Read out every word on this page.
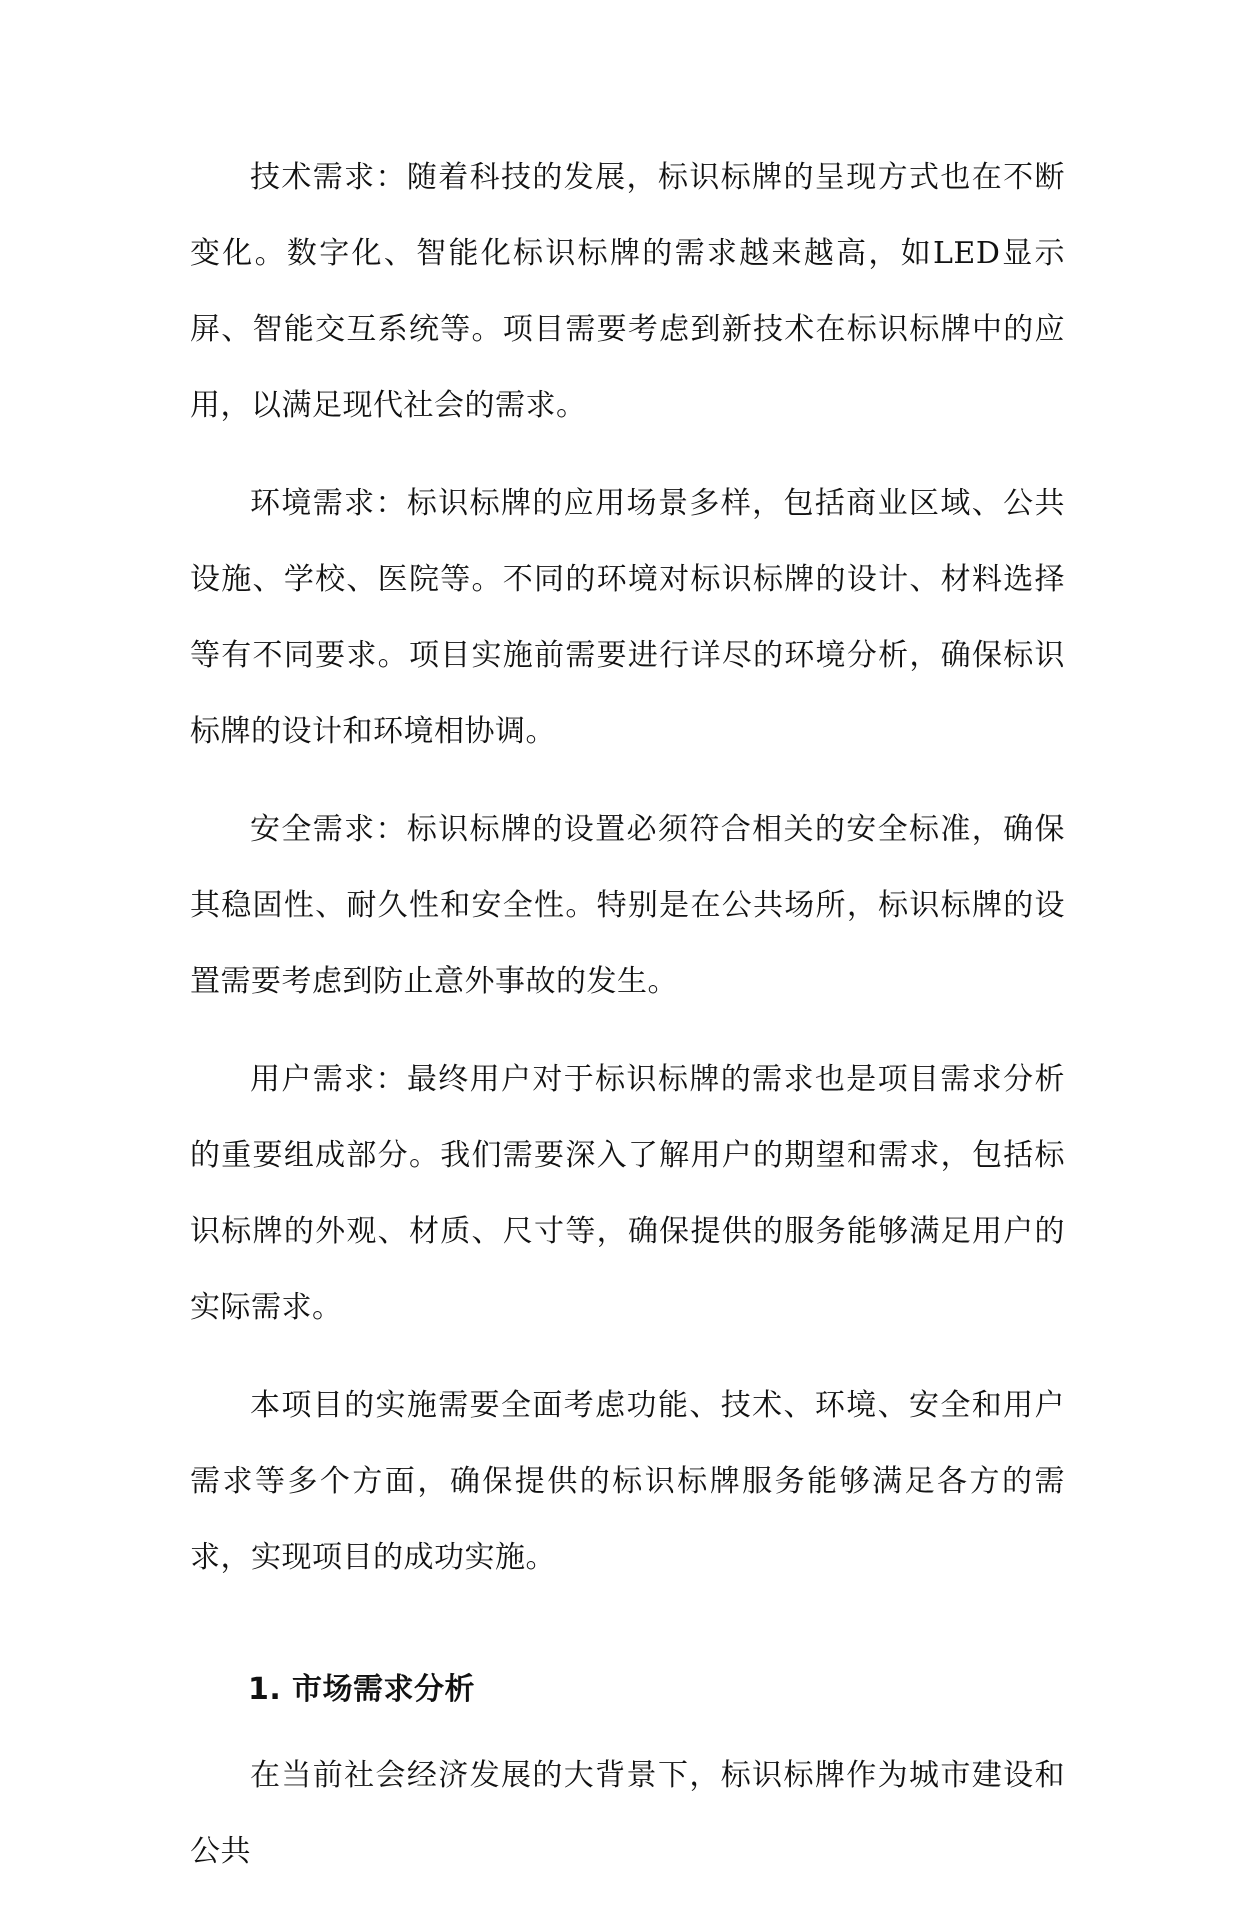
技术需求：随着科技的发展，标识标牌的呈现方式也在不断变化。数字化、智能化标识标牌的需求越来越高，如LED显示屏、智能交互系统等。项目需要考虑到新技术在标识标牌中的应用，以满足现代社会的需求。

环境需求：标识标牌的应用场景多样，包括商业区域、公共设施、学校、医院等。不同的环境对标识标牌的设计、材料选择等有不同要求。项目实施前需要进行详尽的环境分析，确保标识标牌的设计和环境相协调。

安全需求：标识标牌的设置必须符合相关的安全标准，确保其稳固性、耐久性和安全性。特别是在公共场所，标识标牌的设置需要考虑到防止意外事故的发生。

用户需求：最终用户对于标识标牌的需求也是项目需求分析的重要组成部分。我们需要深入了解用户的期望和需求，包括标识标牌的外观、材质、尺寸等，确保提供的服务能够满足用户的实际需求。

本项目的实施需要全面考虑功能、技术、环境、安全和用户需求等多个方面，确保提供的标识标牌服务能够满足各方的需求，实现项目的成功实施。

1. 市场需求分析

在当前社会经济发展的大背景下，标识标牌作为城市建设和公共
